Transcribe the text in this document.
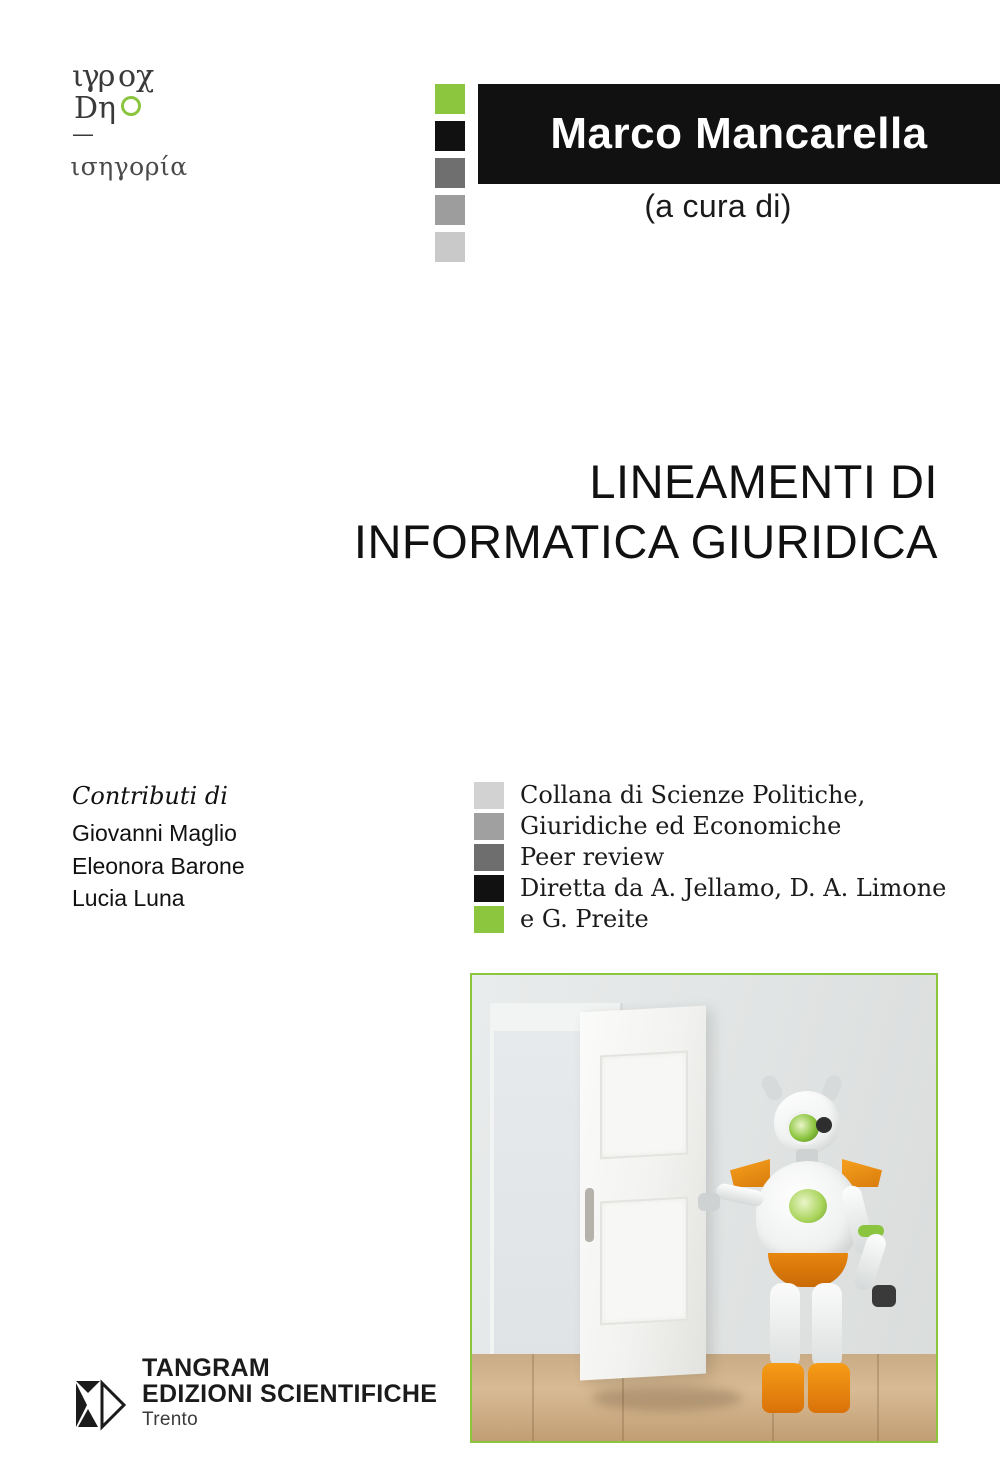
ιγρ οχ
Dη
—
ισηγορία
Marco Mancarella
(a cura di)
LINEAMENTI DI
INFORMATICA GIURIDICA
Contributi di
Giovanni Maglio
Eleonora Barone
Lucia Luna
Collana di Scienze Politiche,
Giuridiche ed Economiche
Peer review
Diretta da A. Jellamo, D. A. Limone
e G. Preite
TANGRAM
EDIZIONI SCIENTIFICHE
Trento
